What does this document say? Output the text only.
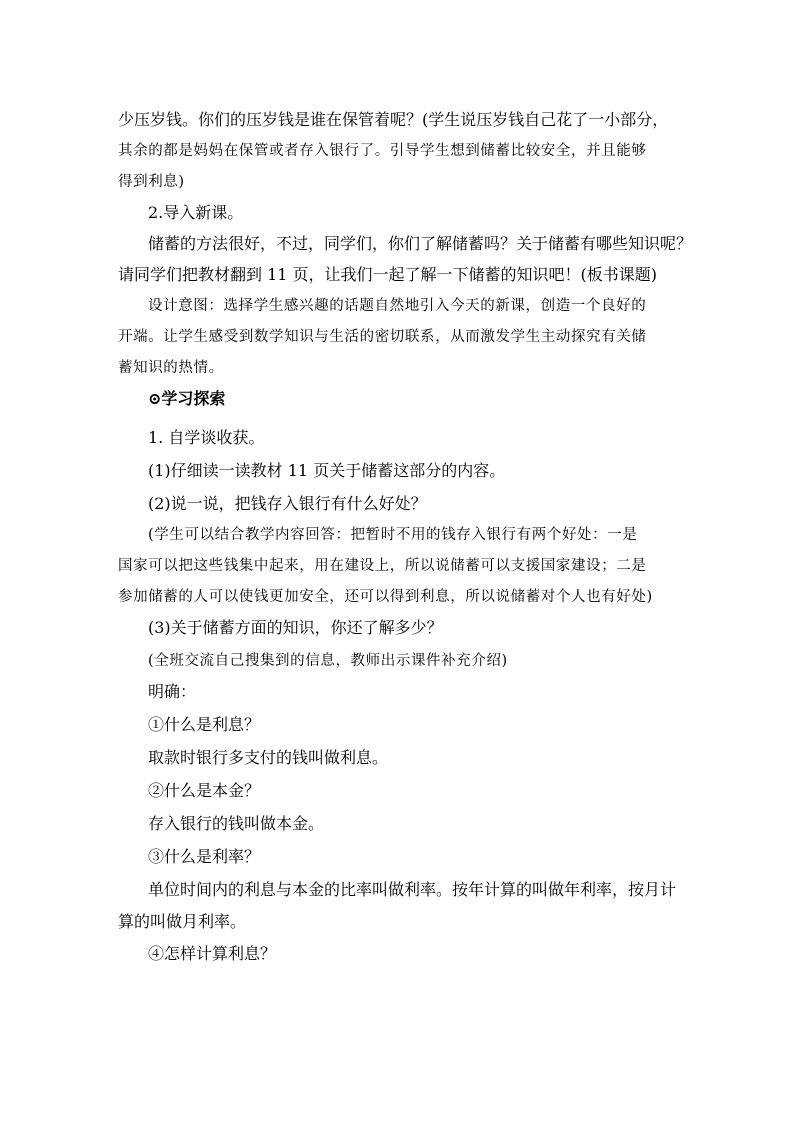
少压岁钱。你们的压岁钱是谁在保管着呢？(学生说压岁钱自己花了一小部分，

其余的都是妈妈在保管或者存入银行了。引导学生想到储蓄比较安全，并且能够

得到利息)

2.导入新课。

储蓄的方法很好，不过，同学们，你们了解储蓄吗？关于储蓄有哪些知识呢？

请同学们把教材翻到 11 页，让我们一起了解一下储蓄的知识吧！(板书课题)

设计意图：选择学生感兴趣的话题自然地引入今天的新课，创造一个良好的

开端。让学生感受到数学知识与生活的密切联系，从而激发学生主动探究有关储

蓄知识的热情。

⊙学习探索

1. 自学谈收获。

(1)仔细读一读教材 11 页关于储蓄这部分的内容。

(2)说一说，把钱存入银行有什么好处？

(学生可以结合教学内容回答：把暂时不用的钱存入银行有两个好处：一是

国家可以把这些钱集中起来，用在建设上，所以说储蓄可以支援国家建设；二是

参加储蓄的人可以使钱更加安全，还可以得到利息，所以说储蓄对个人也有好处)

(3)关于储蓄方面的知识，你还了解多少？

(全班交流自己搜集到的信息，教师出示课件补充介绍)

明确：

①什么是利息？

取款时银行多支付的钱叫做利息。

②什么是本金？

存入银行的钱叫做本金。

③什么是利率？

单位时间内的利息与本金的比率叫做利率。按年计算的叫做年利率，按月计

算的叫做月利率。

④怎样计算利息？
